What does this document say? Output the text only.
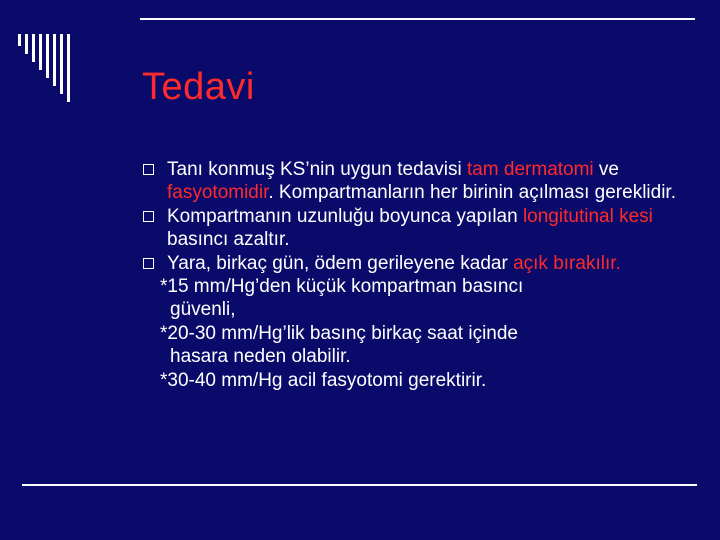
Tedavi
Tanı konmuş KS’nin uygun tedavisi tam dermatomi ve fasyotomidir. Kompartmanların her birinin açılması gereklidir.
Kompartmanın uzunluğu boyunca yapılan longitutinal kesi basıncı azaltır.
Yara, birkaç gün, ödem gerileyene kadar açık bırakılır.
*15 mm/Hg’den küçük kompartman basıncı
güvenli,
*20-30 mm/Hg’lik basınç birkaç saat içinde
hasara neden olabilir.
*30-40 mm/Hg acil fasyotomi gerektirir.
